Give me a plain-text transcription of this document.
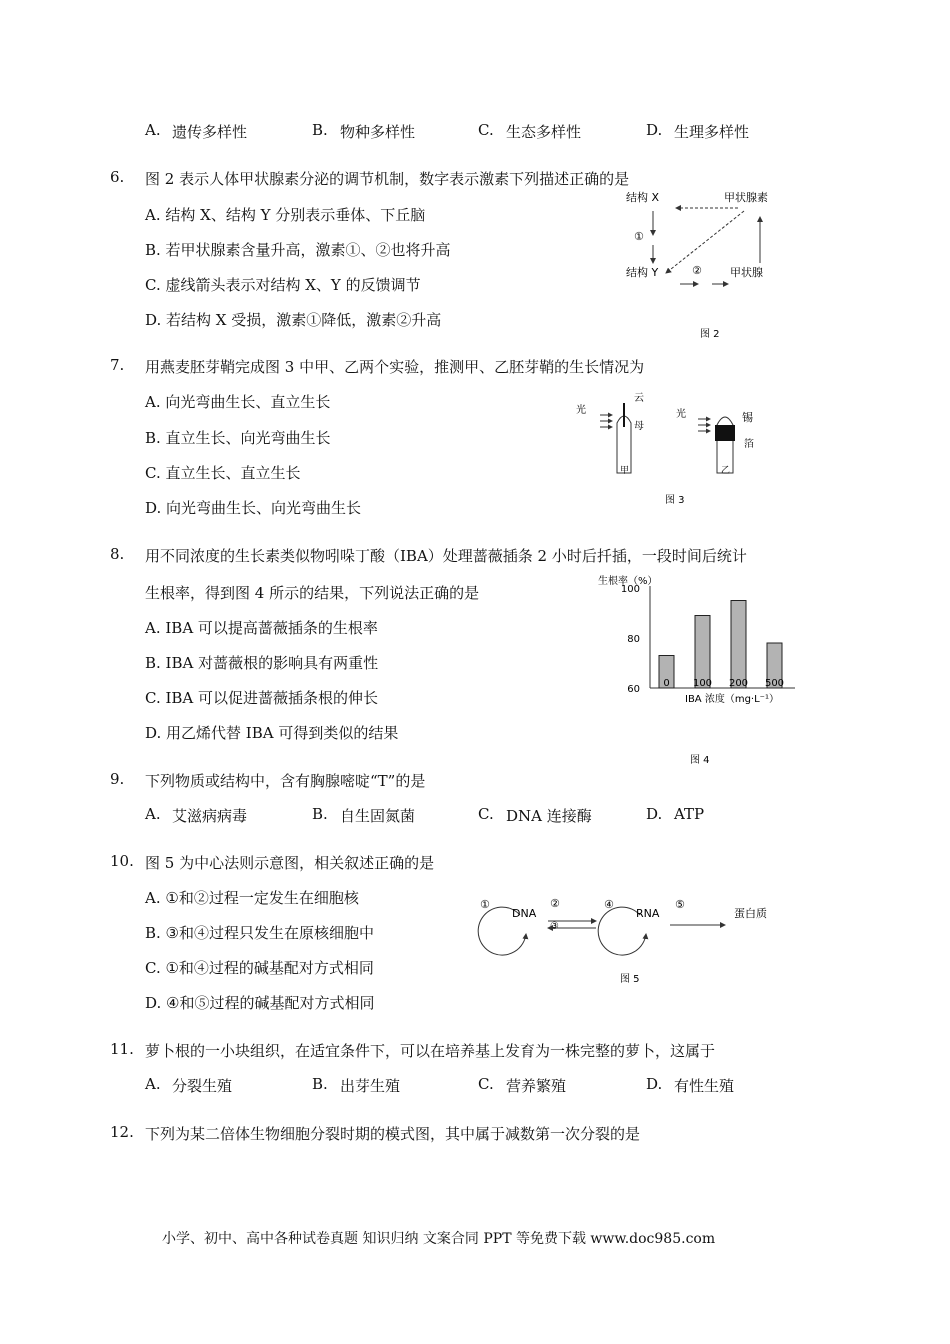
A. 遗传多样性	B. 物种多样性	C. 生态多样性	D. 生理多样性
6. 图 2 表示人体甲状腺素分泌的调节机制，数字表示激素下列描述正确的是
A. 结构 X、结构 Y 分别表示垂体、下丘脑
B. 若甲状腺素含量升高，激素①、②也将升高
C. 虚线箭头表示对结构 X、Y 的反馈调节
D. 若结构 X 受损，激素①降低，激素②升高
结构 X	甲状腺素
①
结构 Y	②	甲状腺
图 2
7. 用燕麦胚芽鞘完成图 3 中甲、乙两个实验，推测甲、乙胚芽鞘的生长情况为
A. 向光弯曲生长、直立生长
B. 直立生长、向光弯曲生长
C. 直立生长、直立生长
D. 向光弯曲生长、向光弯曲生长
光
云
母
甲
光	锡
箔
乙
图 3
8. 用不同浓度的生长素类似物吲哚丁酸（IBA）处理蔷薇插条 2 小时后扦插，一段时间后统计
生根率，得到图 4 所示的结果，下列说法正确的是
A. IBA 可以提高蔷薇插条的生根率
B. IBA 对蔷薇根的影响具有两重性
C. IBA 可以促进蔷薇插条根的伸长
D. 用乙烯代替 IBA 可得到类似的结果
生根率（%）
60
80
100
0 100 200 500
IBA 浓度（mg·L⁻¹）
图 4
9. 下列物质或结构中，含有胸腺嘧啶“T”的是
A. 艾滋病病毒	B. 自生固氮菌	C. DNA 连接酶	D. ATP
10. 图 5 为中心法则示意图，相关叙述正确的是
A. ①和②过程一定发生在细胞核
B. ③和④过程只发生在原核细胞中
C. ①和④过程的碱基配对方式相同
D. ④和⑤过程的碱基配对方式相同
①
DNA
②
③
④
RNA
⑤
蛋白质
图 5
11. 萝卜根的一小块组织，在适宜条件下，可以在培养基上发育为一株完整的萝卜，这属于
A. 分裂生殖	B. 出芽生殖	C. 营养繁殖	D. 有性生殖
12. 下列为某二倍体生物细胞分裂时期的模式图，其中属于减数第一次分裂的是
小学、初中、高中各种试卷真题 知识归纳 文案合同 PPT 等免费下载 www.doc985.com
